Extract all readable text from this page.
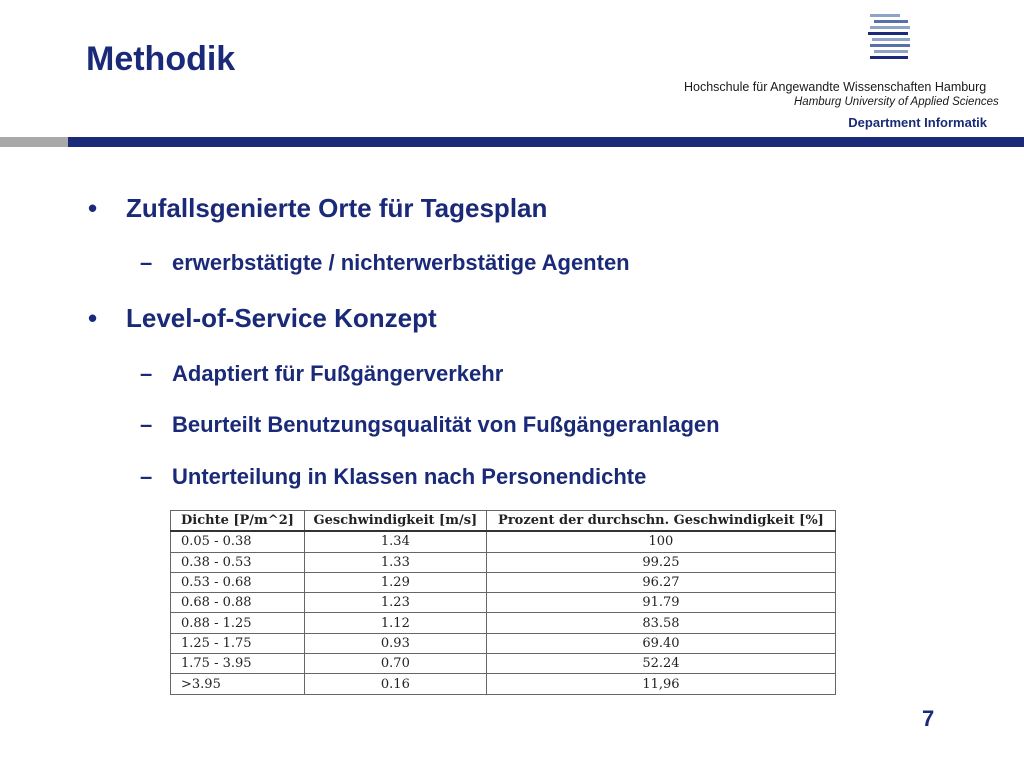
Methodik
Hochschule für Angewandte Wissenschaften Hamburg
Hamburg University of Applied Sciences
Department Informatik
• Zufallsgenierte Orte für Tagesplan
– erwerbstätigte / nichterwerbstätige Agenten
• Level-of-Service Konzept
– Adaptiert für Fußgängerverkehr
– Beurteilt Benutzungsqualität von Fußgängeranlagen
– Unterteilung in Klassen nach Personendichte
Dichte [P/m^2]	Geschwindigkeit [m/s]	Prozent der durchschn. Geschwindigkeit [%]
0.05 - 0.38	1.34	100
0.38 - 0.53	1.33	99.25
0.53 - 0.68	1.29	96.27
0.68 - 0.88	1.23	91.79
0.88 - 1.25	1.12	83.58
1.25 - 1.75	0.93	69.40
1.75 - 3.95	0.70	52.24
>3.95	0.16	11,96
7
